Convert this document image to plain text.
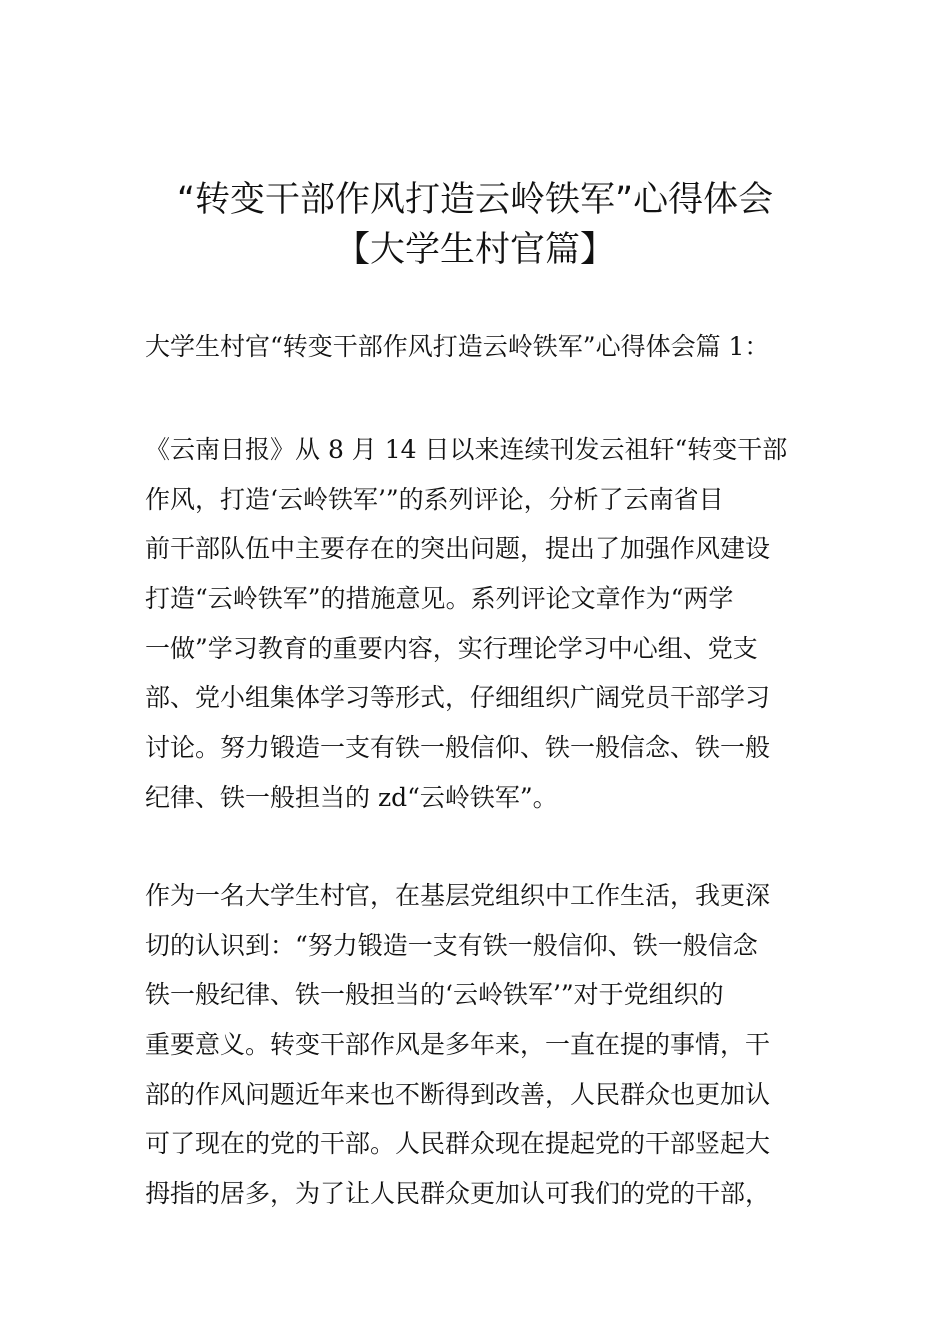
“转变干部作风打造云岭铁军”心得体会
【大学生村官篇】
大学生村官“转变干部作风打造云岭铁军”心得体会篇 1：
《云南日报》从 8 月 14 日以来连续刊发云祖轩“转变干部
作风，打造‘云岭铁军’”的系列评论，分析了云南省目
前干部队伍中主要存在的突出问题，提出了加强作风建设
打造“云岭铁军”的措施意见。系列评论文章作为“两学
一做”学习教育的重要内容，实行理论学习中心组、党支
部、党小组集体学习等形式，仔细组织广阔党员干部学习
讨论。努力锻造一支有铁一般信仰、铁一般信念、铁一般
纪律、铁一般担当的 zd“云岭铁军”。
作为一名大学生村官，在基层党组织中工作生活，我更深
切的认识到：“努力锻造一支有铁一般信仰、铁一般信念
铁一般纪律、铁一般担当的‘云岭铁军’”对于党组织的
重要意义。转变干部作风是多年来，一直在提的事情，干
部的作风问题近年来也不断得到改善，人民群众也更加认
可了现在的党的干部。人民群众现在提起党的干部竖起大
拇指的居多，为了让人民群众更加认可我们的党的干部，
